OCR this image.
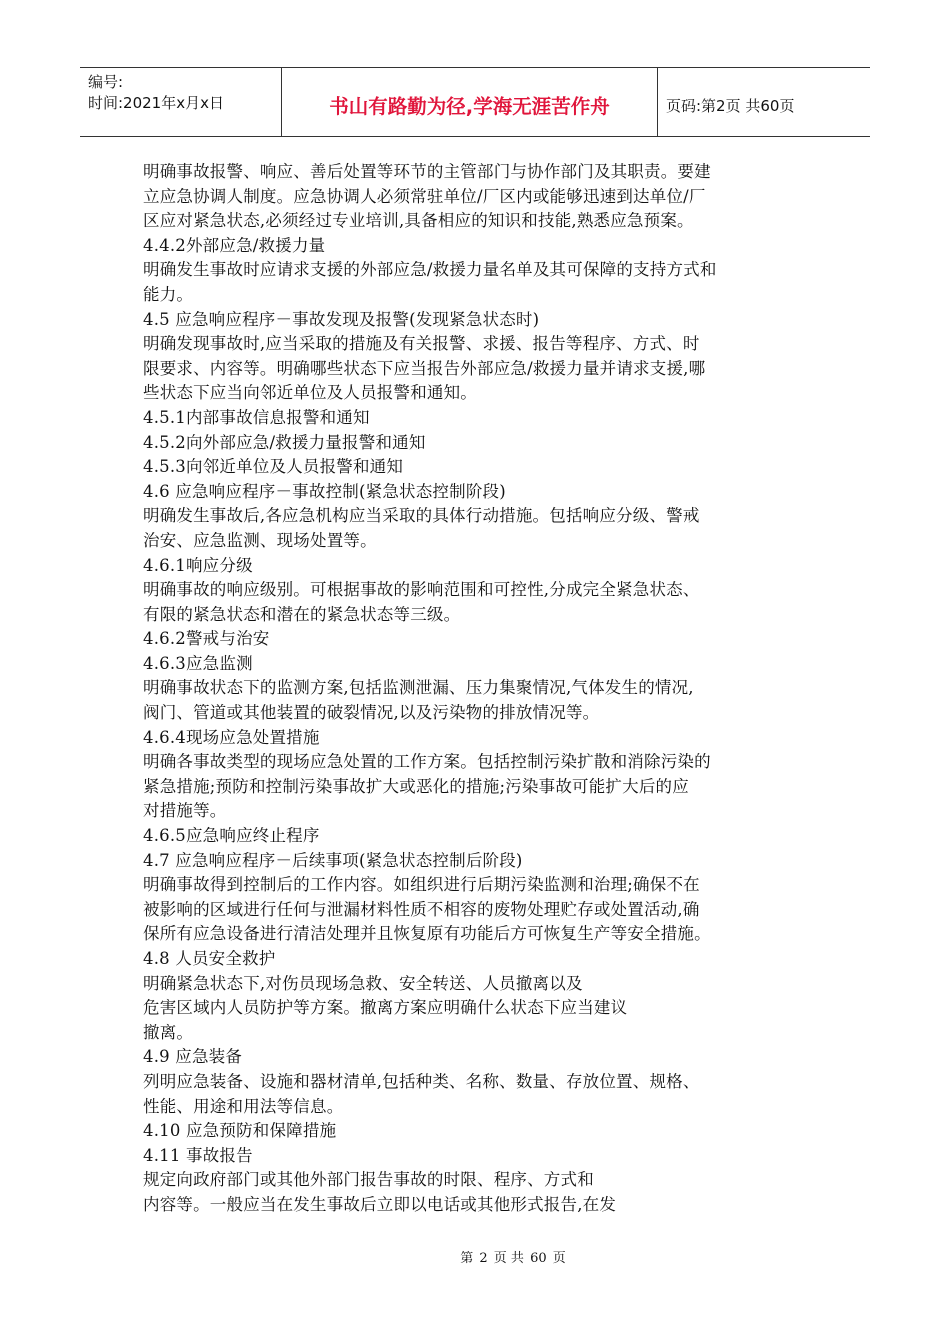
编号:
时间:2021年x月x日	书山有路勤为径,学海无涯苦作舟	页码:第2页 共60页

明确事故报警、响应、善后处置等环节的主管部门与协作部门及其职责。要建

立应急协调人制度。应急协调人必须常驻单位/厂区内或能够迅速到达单位/厂

区应对紧急状态,必须经过专业培训,具备相应的知识和技能,熟悉应急预案。

4.4.2外部应急/救援力量

明确发生事故时应请求支援的外部应急/救援力量名单及其可保障的支持方式和

能力。

4.5 应急响应程序－事故发现及报警(发现紧急状态时)

明确发现事故时,应当采取的措施及有关报警、求援、报告等程序、方式、时

限要求、内容等。明确哪些状态下应当报告外部应急/救援力量并请求支援,哪

些状态下应当向邻近单位及人员报警和通知。

4.5.1内部事故信息报警和通知

4.5.2向外部应急/救援力量报警和通知

4.5.3向邻近单位及人员报警和通知

4.6 应急响应程序－事故控制(紧急状态控制阶段)

明确发生事故后,各应急机构应当采取的具体行动措施。包括响应分级、警戒

治安、应急监测、现场处置等。

4.6.1响应分级

明确事故的响应级别。可根据事故的影响范围和可控性,分成完全紧急状态、

有限的紧急状态和潜在的紧急状态等三级。

4.6.2警戒与治安

4.6.3应急监测

明确事故状态下的监测方案,包括监测泄漏、压力集聚情况,气体发生的情况,

阀门、管道或其他装置的破裂情况,以及污染物的排放情况等。

4.6.4现场应急处置措施

明确各事故类型的现场应急处置的工作方案。包括控制污染扩散和消除污染的

紧急措施;预防和控制污染事故扩大或恶化的措施;污染事故可能扩大后的应

对措施等。

4.6.5应急响应终止程序

4.7 应急响应程序－后续事项(紧急状态控制后阶段)

明确事故得到控制后的工作内容。如组织进行后期污染监测和治理;确保不在

被影响的区域进行任何与泄漏材料性质不相容的废物处理贮存或处置活动,确

保所有应急设备进行清洁处理并且恢复原有功能后方可恢复生产等安全措施。

4.8 人员安全救护

明确紧急状态下,对伤员现场急救、安全转送、人员撤离以及

危害区域内人员防护等方案。撤离方案应明确什么状态下应当建议

撤离。

4.9 应急装备

列明应急装备、设施和器材清单,包括种类、名称、数量、存放位置、规格、

性能、用途和用法等信息。

4.10 应急预防和保障措施

4.11 事故报告

规定向政府部门或其他外部门报告事故的时限、程序、方式和

内容等。一般应当在发生事故后立即以电话或其他形式报告,在发

第 2 页 共 60 页
